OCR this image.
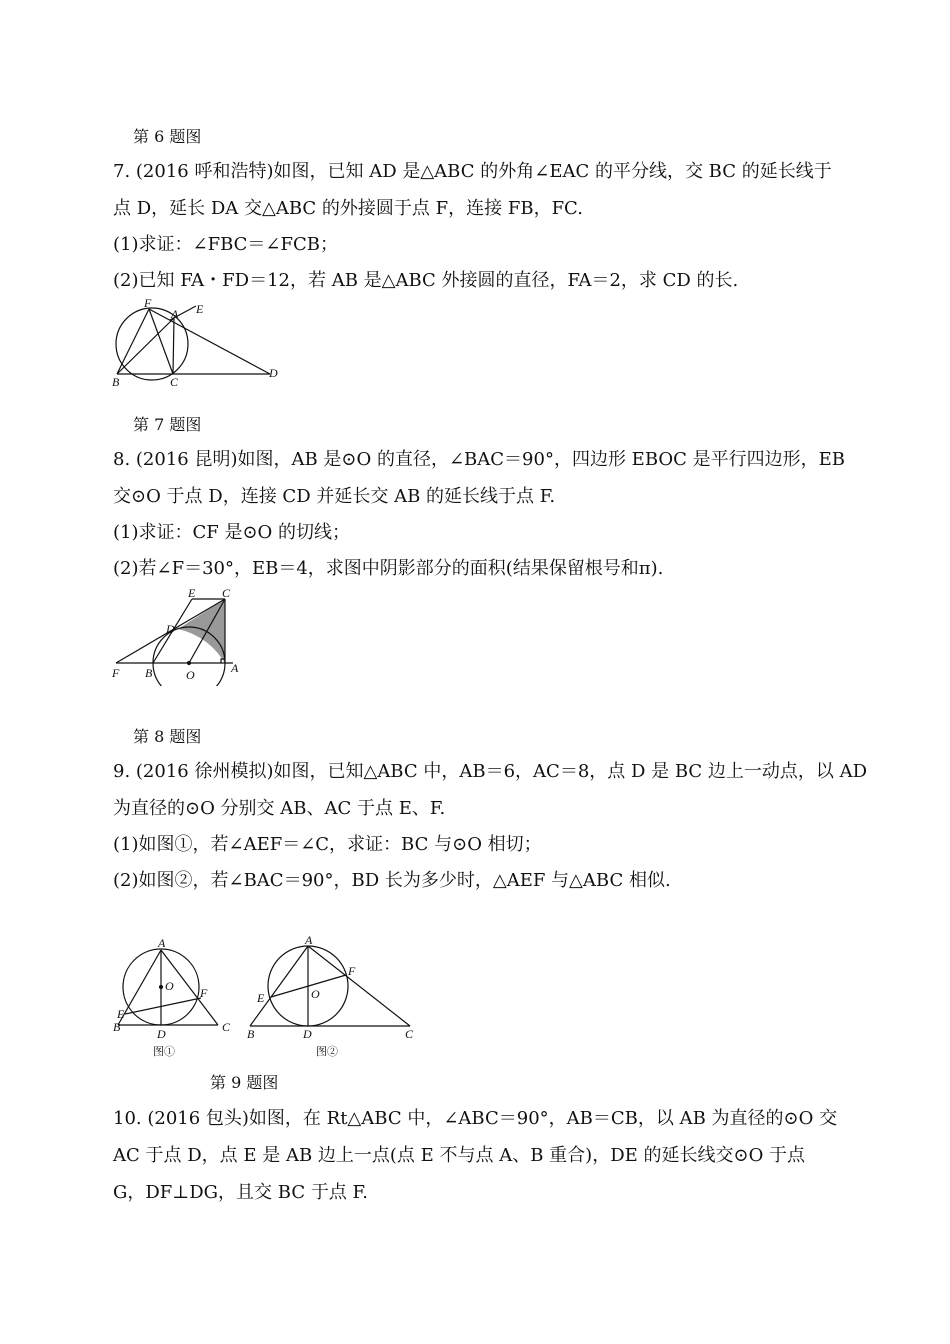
第 6 题图
7. (2016 呼和浩特)如图，已知 AD 是△ABC 的外角∠EAC 的平分线，交 BC 的延长线于
点 D，延长 DA 交△ABC 的外接圆于点 F，连接 FB，FC.
(1)求证：∠FBC＝∠FCB；
(2)已知 FA・FD＝12，若 AB 是△ABC 外接圆的直径，FA＝2，求 CD 的长.
F
A E
B	C
D
第 7 题图
8. (2016 昆明)如图，AB 是⊙O 的直径，∠BAC＝90°，四边形 EBOC 是平行四边形，EB
交⊙O 于点 D，连接 CD 并延长交 AB 的延长线于点 F.
(1)求证：CF 是⊙O 的切线；
(2)若∠F＝30°，EB＝4，求图中阴影部分的面积(结果保留根号和π).
E C
D
F B	O	A
第 8 题图
9. (2016 徐州模拟)如图，已知△ABC 中，AB＝6，AC＝8，点 D 是 BC 边上一动点，以 AD
为直径的⊙O 分别交 AB、AC 于点 E、F.
(1)如图①，若∠AEF＝∠C，求证：BC 与⊙O 相切；
(2)如图②，若∠BAC＝90°，BD 长为多少时，△AEF 与△ABC 相似.
A
O F
E
B	D	C
图①
A
F
E	O
B	D	C
图②
第 9 题图
10. (2016 包头)如图，在 Rt△ABC 中，∠ABC＝90°，AB＝CB，以 AB 为直径的⊙O 交
AC 于点 D，点 E 是 AB 边上一点(点 E 不与点 A、B 重合)，DE 的延长线交⊙O 于点
G，DF⊥DG，且交 BC 于点 F.
